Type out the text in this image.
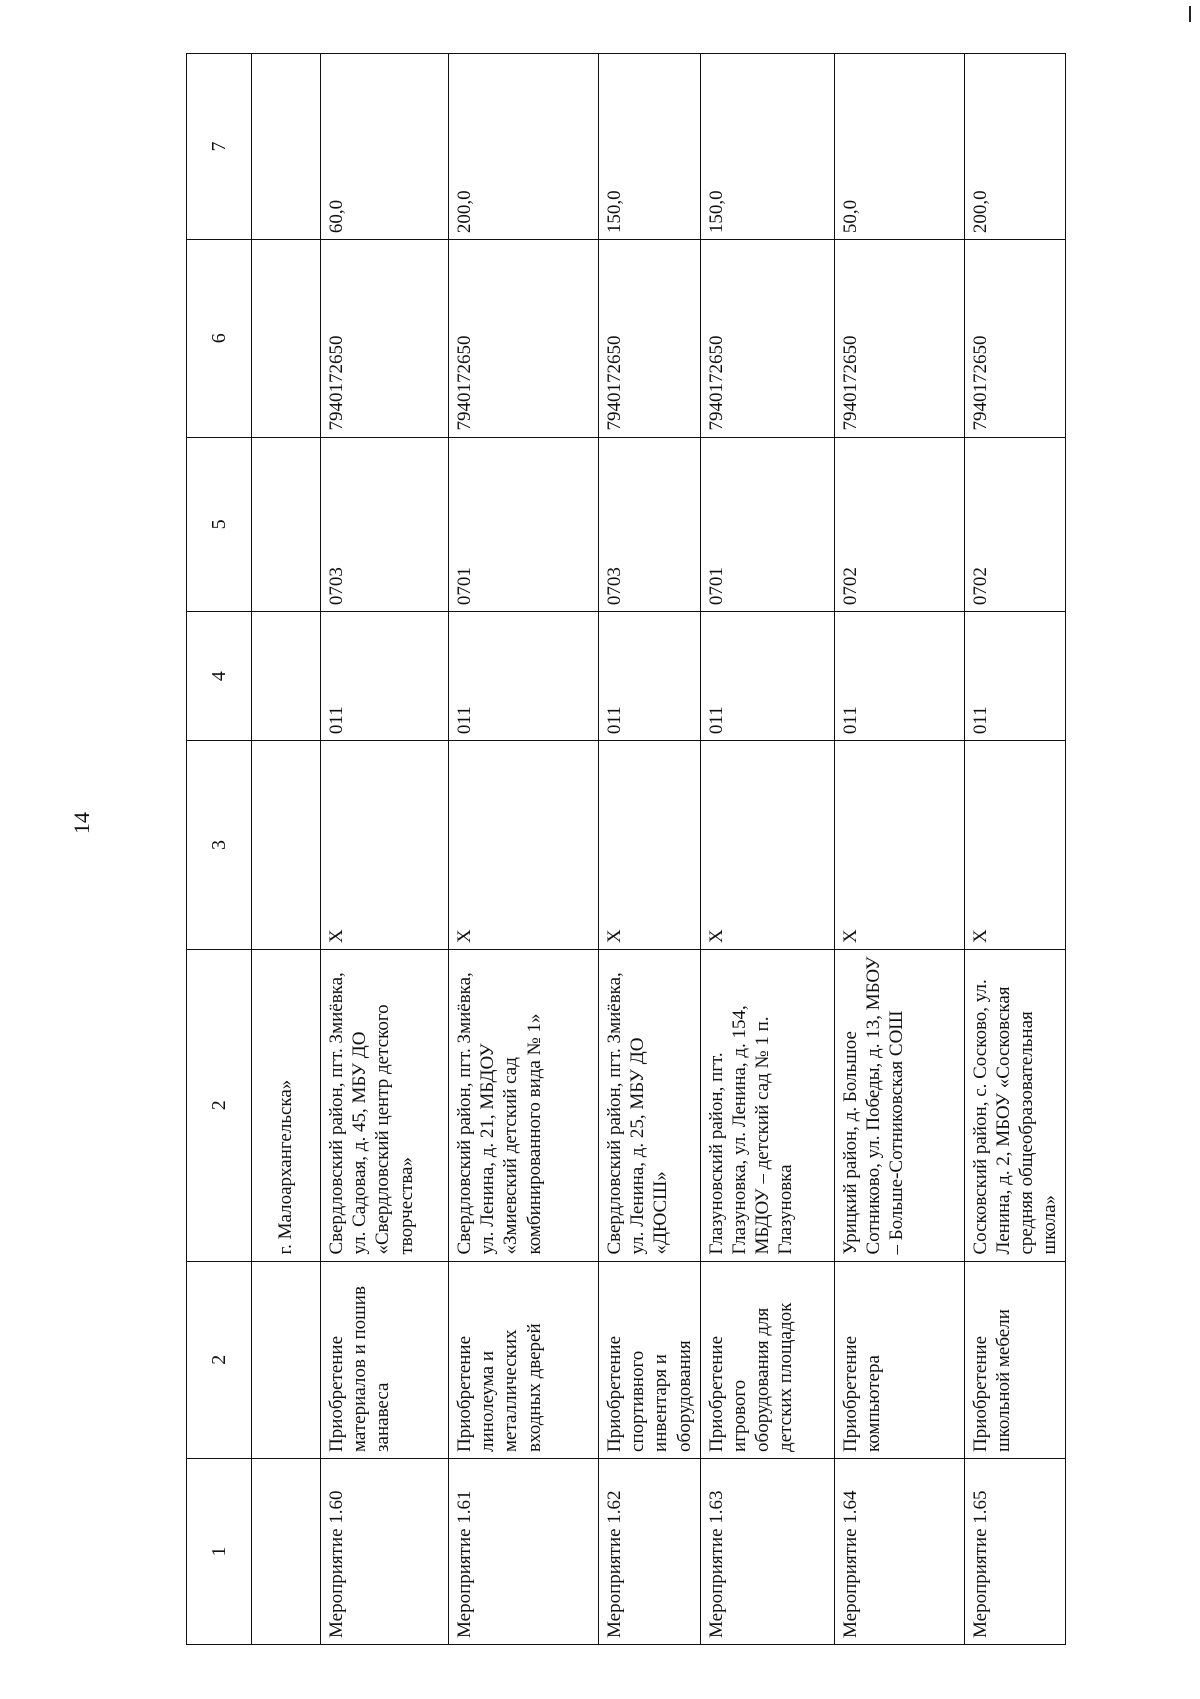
14
1	2	2	3	4	5	6	7
		г. Малоархангельска»					
Мероприятие 1.60	Приобретение материалов и пошив занавеса	Свердловский район, пгт. Змиёвка, ул. Садовая, д. 45, МБУ ДО «Свердловский центр детского творчества»	Х	011	0703	7940172650	60,0
Мероприятие 1.61	Приобретение линолеума и металлических входных дверей	Свердловский район, пгт. Змиёвка, ул. Ленина, д. 21, МБДОУ «Змиевский детский сад комбинированного вида № 1»	Х	011	0701	7940172650	200,0
Мероприятие 1.62	Приобретение спортивного инвентаря и оборудования	Свердловский район, пгт. Змиёвка, ул. Ленина, д. 25, МБУ ДО «ДЮСШ»	Х	011	0703	7940172650	150,0
Мероприятие 1.63	Приобретение игрового оборудования для детских площадок	Глазуновский район, пгт. Глазуновка, ул. Ленина, д. 154, МБДОУ – детский сад № 1 п. Глазуновка	Х	011	0701	7940172650	150,0
Мероприятие 1.64	Приобретение компьютера	Урицкий район, д. Большое Сотниково, ул. Победы, д. 13, МБОУ – Больше-Сотниковская СОШ	Х	011	0702	7940172650	50,0
Мероприятие 1.65	Приобретение школьной мебели	Сосковский район, с. Сосково, ул. Ленина, д. 2, МБОУ «Сосковская средняя общеобразовательная школа»	Х	011	0702	7940172650	200,0
